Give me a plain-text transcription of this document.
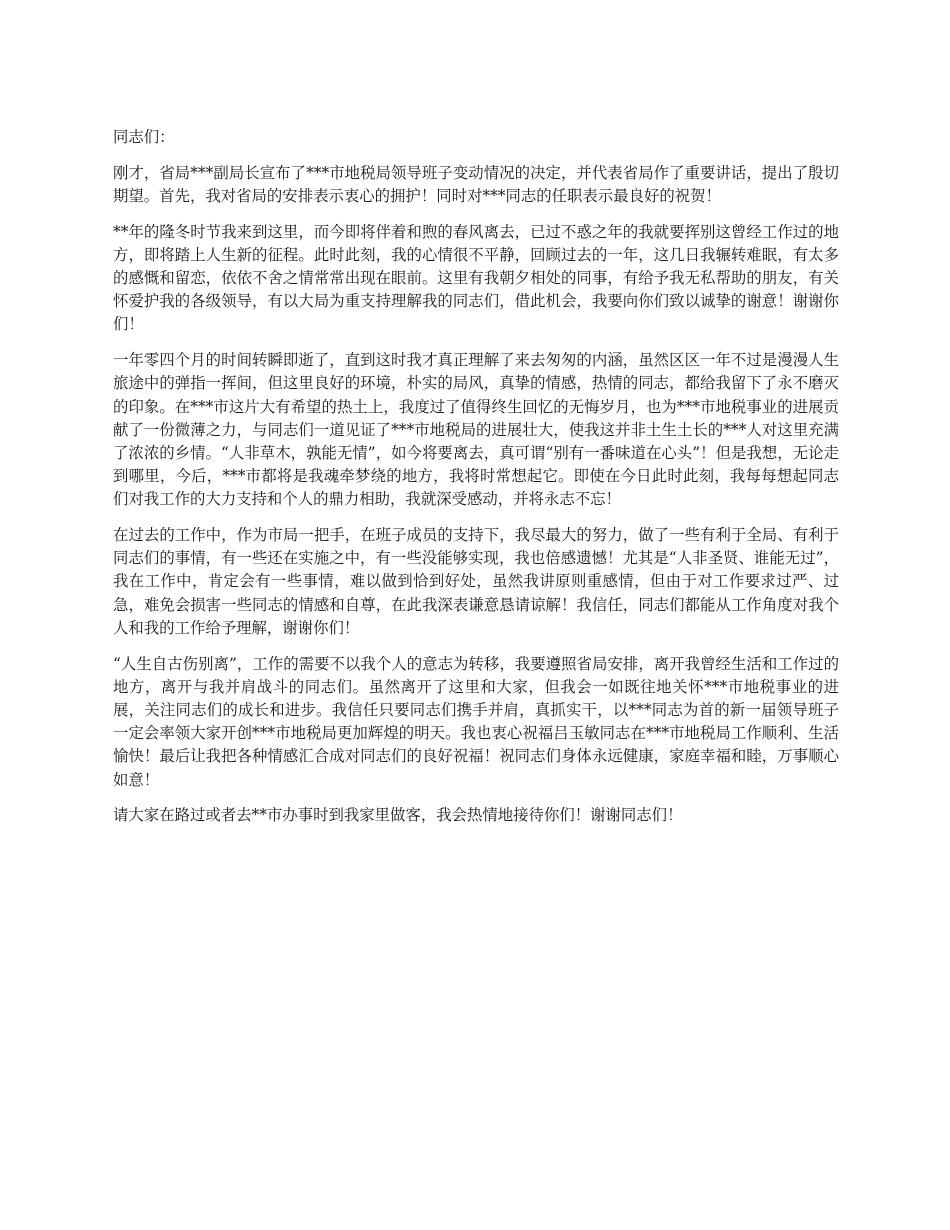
同志们：

刚才，省局***副局长宣布了***市地税局领导班子变动情况的决定，并代表省局作了重要讲话，提出了殷切期望。首先，我对省局的安排表示衷心的拥护！同时对***同志的任职表示最良好的祝贺！

**年的隆冬时节我来到这里，而今即将伴着和煦的春风离去，已过不惑之年的我就要挥别这曾经工作过的地方，即将踏上人生新的征程。此时此刻，我的心情很不平静，回顾过去的一年，这几日我辗转难眠，有太多的感慨和留恋，依依不舍之情常常出现在眼前。这里有我朝夕相处的同事，有给予我无私帮助的朋友，有关怀爱护我的各级领导，有以大局为重支持理解我的同志们，借此机会，我要向你们致以诚挚的谢意！谢谢你们！

一年零四个月的时间转瞬即逝了，直到这时我才真正理解了来去匆匆的内涵，虽然区区一年不过是漫漫人生旅途中的弹指一挥间，但这里良好的环境，朴实的局风，真挚的情感，热情的同志，都给我留下了永不磨灭的印象。在***市这片大有希望的热土上，我度过了值得终生回忆的无悔岁月，也为***市地税事业的进展贡献了一份微薄之力，与同志们一道见证了***市地税局的进展壮大，使我这并非土生土长的***人对这里充满了浓浓的乡情。“人非草木，孰能无情”，如今将要离去，真可谓“别有一番味道在心头”！但是我想，无论走到哪里，今后，***市都将是我魂牵梦绕的地方，我将时常想起它。即使在今日此时此刻，我每每想起同志们对我工作的大力支持和个人的鼎力相助，我就深受感动，并将永志不忘！

在过去的工作中，作为市局一把手，在班子成员的支持下，我尽最大的努力，做了一些有利于全局、有利于同志们的事情，有一些还在实施之中，有一些没能够实现，我也倍感遗憾！尤其是“人非圣贤、谁能无过”，我在工作中，肯定会有一些事情，难以做到恰到好处，虽然我讲原则重感情，但由于对工作要求过严、过急，难免会损害一些同志的情感和自尊，在此我深表谦意恳请谅解！我信任，同志们都能从工作角度对我个人和我的工作给予理解，谢谢你们！

“人生自古伤别离”，工作的需要不以我个人的意志为转移，我要遵照省局安排，离开我曾经生活和工作过的地方，离开与我并肩战斗的同志们。虽然离开了这里和大家，但我会一如既往地关怀***市地税事业的进展，关注同志们的成长和进步。我信任只要同志们携手并肩，真抓实干，以***同志为首的新一届领导班子一定会率领大家开创***市地税局更加辉煌的明天。我也衷心祝福吕玉敏同志在***市地税局工作顺利、生活愉快！最后让我把各种情感汇合成对同志们的良好祝福！祝同志们身体永远健康，家庭幸福和睦，万事顺心如意！

请大家在路过或者去**市办事时到我家里做客，我会热情地接待你们！谢谢同志们！
